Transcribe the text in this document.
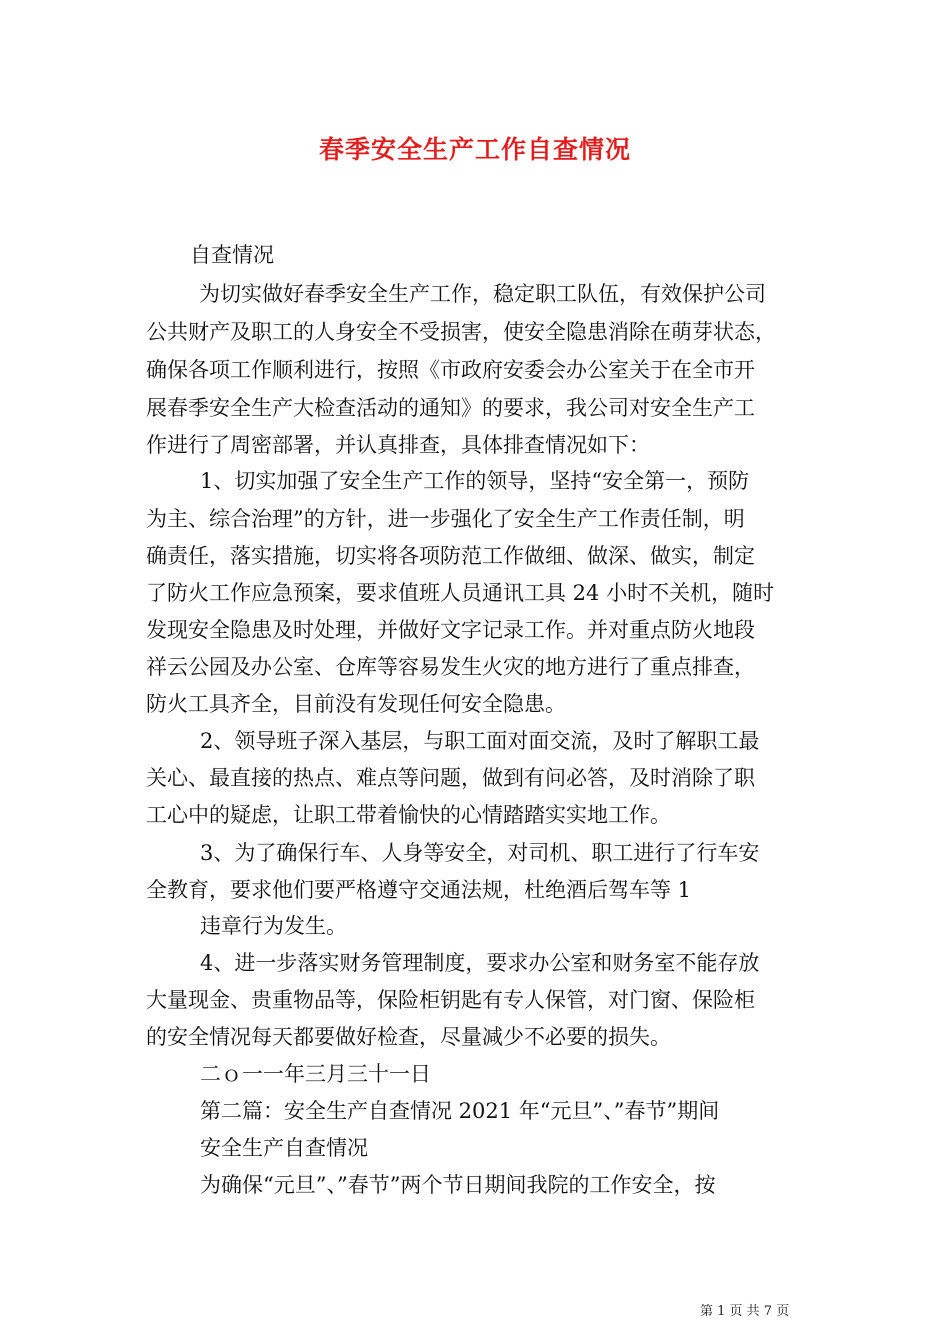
春季安全生产工作自查情况
自查情况
为切实做好春季安全生产工作，稳定职工队伍，有效保护公司
公共财产及职工的人身安全不受损害，使安全隐患消除在萌芽状态，
确保各项工作顺利进行，按照《市政府安委会办公室关于在全市开
展春季安全生产大检查活动的通知》的要求，我公司对安全生产工
作进行了周密部署，并认真排查，具体排查情况如下：
1、切实加强了安全生产工作的领导，坚持“安全第一，预防
为主、综合治理”的方针，进一步强化了安全生产工作责任制，明
确责任，落实措施，切实将各项防范工作做细、做深、做实，制定
了防火工作应急预案，要求值班人员通讯工具 24 小时不关机，随时
发现安全隐患及时处理，并做好文字记录工作。并对重点防火地段
祥云公园及办公室、仓库等容易发生火灾的地方进行了重点排查，
防火工具齐全，目前没有发现任何安全隐患。
2、领导班子深入基层，与职工面对面交流，及时了解职工最
关心、最直接的热点、难点等问题，做到有问必答，及时消除了职
工心中的疑虑，让职工带着愉快的心情踏踏实实地工作。
3、为了确保行车、人身等安全，对司机、职工进行了行车安
全教育，要求他们要严格遵守交通法规，杜绝酒后驾车等 1
违章行为发生。
4、进一步落实财务管理制度，要求办公室和财务室不能存放
大量现金、贵重物品等，保险柜钥匙有专人保管，对门窗、保险柜
的安全情况每天都要做好检查，尽量减少不必要的损失。
二ｏ一一年三月三十一日
第二篇：安全生产自查情况 2021 年“元旦”、”春节”期间
安全生产自查情况
为确保“元旦”、”春节”两个节日期间我院的工作安全，按
第 1 页 共 7 页
